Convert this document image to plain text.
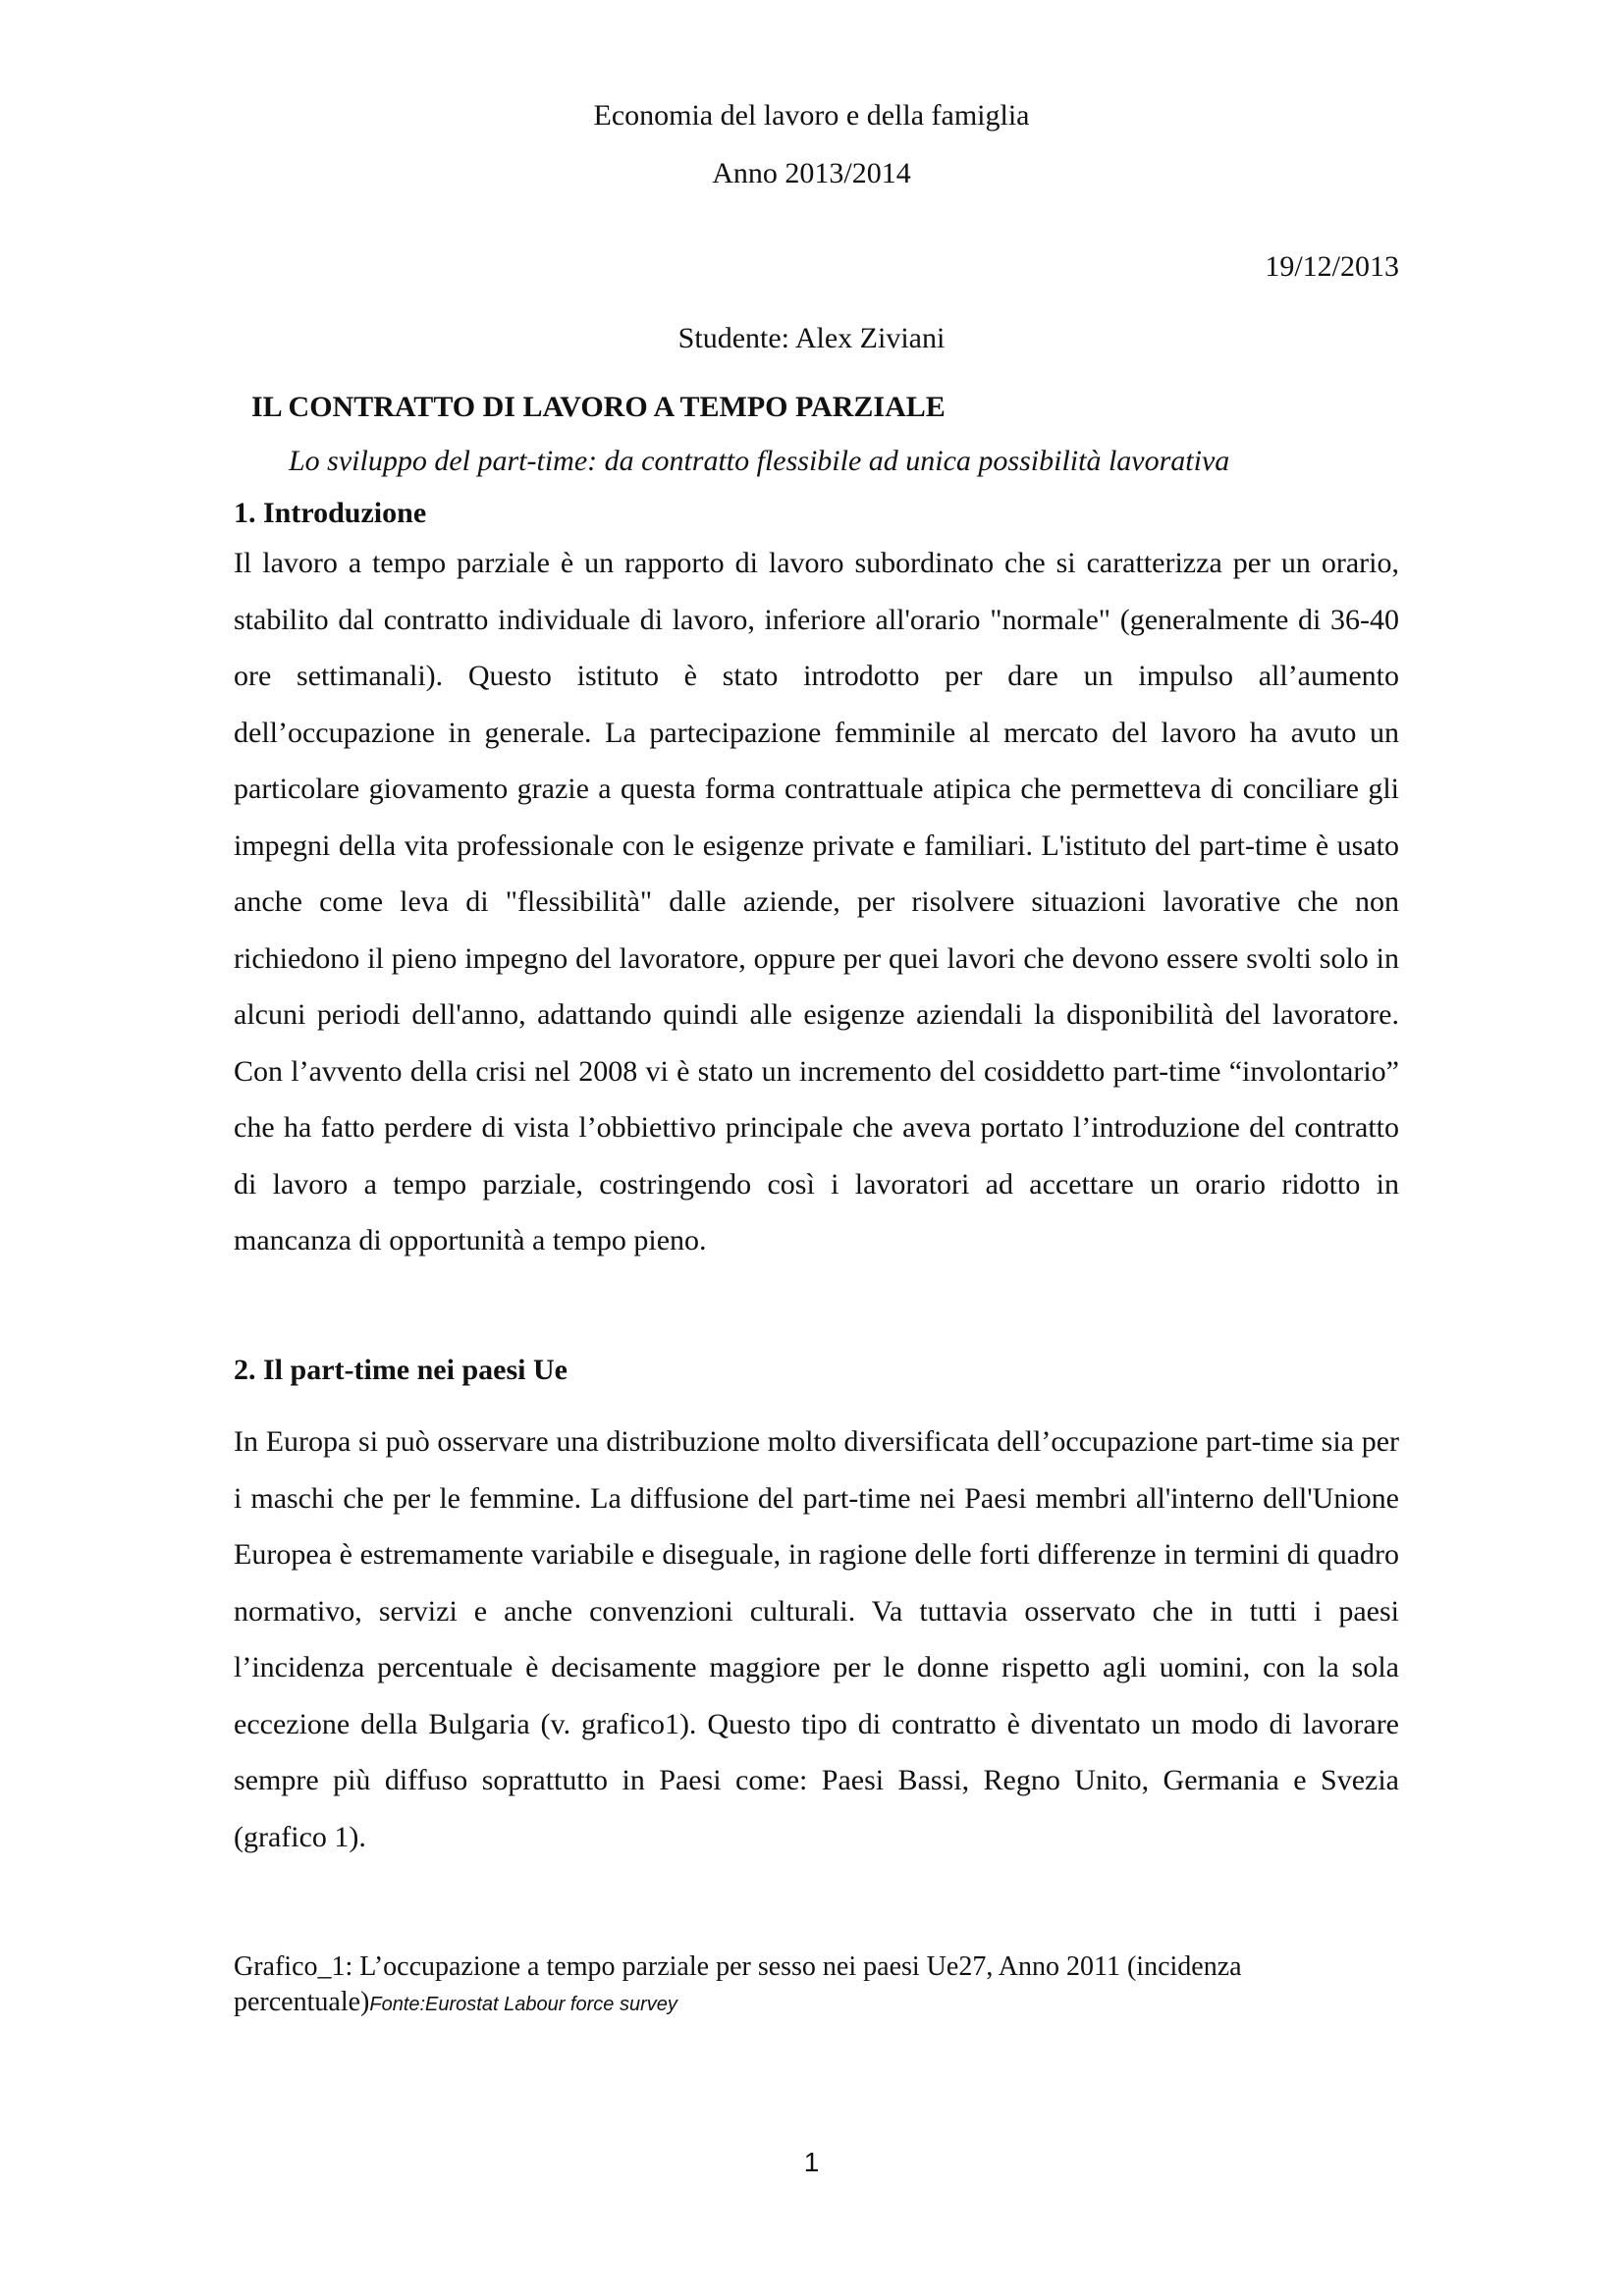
Economia del lavoro e della famiglia
Anno 2013/2014
19/12/2013
Studente: Alex Ziviani
IL CONTRATTO DI LAVORO A TEMPO PARZIALE
Lo sviluppo del part-time: da contratto flessibile ad unica possibilità lavorativa
1. Introduzione

Il lavoro a tempo parziale è un rapporto di lavoro subordinato che si caratterizza per un orario, stabilito dal contratto individuale di lavoro, inferiore all'orario "normale" (generalmente di 36-40 ore settimanali). Questo istituto è stato introdotto per dare un impulso all’aumento dell’occupazione in generale. La partecipazione femminile al mercato del lavoro ha avuto un particolare giovamento grazie a questa forma contrattuale atipica che permetteva di conciliare gli impegni della vita professionale con le esigenze private e familiari. L'istituto del part-time è usato anche come leva di "flessibilità" dalle aziende, per risolvere situazioni lavorative che non richiedono il pieno impegno del lavoratore, oppure per quei lavori che devono essere svolti solo in alcuni periodi dell'anno, adattando quindi alle esigenze aziendali la disponibilità del lavoratore. Con l’avvento della crisi nel 2008 vi è stato un incremento del cosiddetto part-time “involontario” che ha fatto perdere di vista l’obbiettivo principale che aveva portato l’introduzione del contratto di lavoro a tempo parziale, costringendo così i lavoratori ad accettare un orario ridotto in mancanza di opportunità a tempo pieno.

2. Il part-time nei paesi Ue

In Europa si può osservare una distribuzione molto diversificata dell’occupazione part-time sia per i maschi che per le femmine. La diffusione del part-time nei Paesi membri all'interno dell'Unione Europea è estremamente variabile e diseguale, in ragione delle forti differenze in termini di quadro normativo, servizi e anche convenzioni culturali. Va tuttavia osservato che in tutti i paesi l’incidenza percentuale è decisamente maggiore per le donne rispetto agli uomini, con la sola eccezione della Bulgaria (v. grafico1). Questo tipo di contratto è diventato un modo di lavorare sempre più diffuso soprattutto in Paesi come: Paesi Bassi, Regno Unito, Germania e Svezia (grafico 1).

Grafico_1: L’occupazione a tempo parziale per sesso nei paesi Ue27, Anno 2011 (incidenza percentuale)Fonte:Eurostat Labour force survey
1
